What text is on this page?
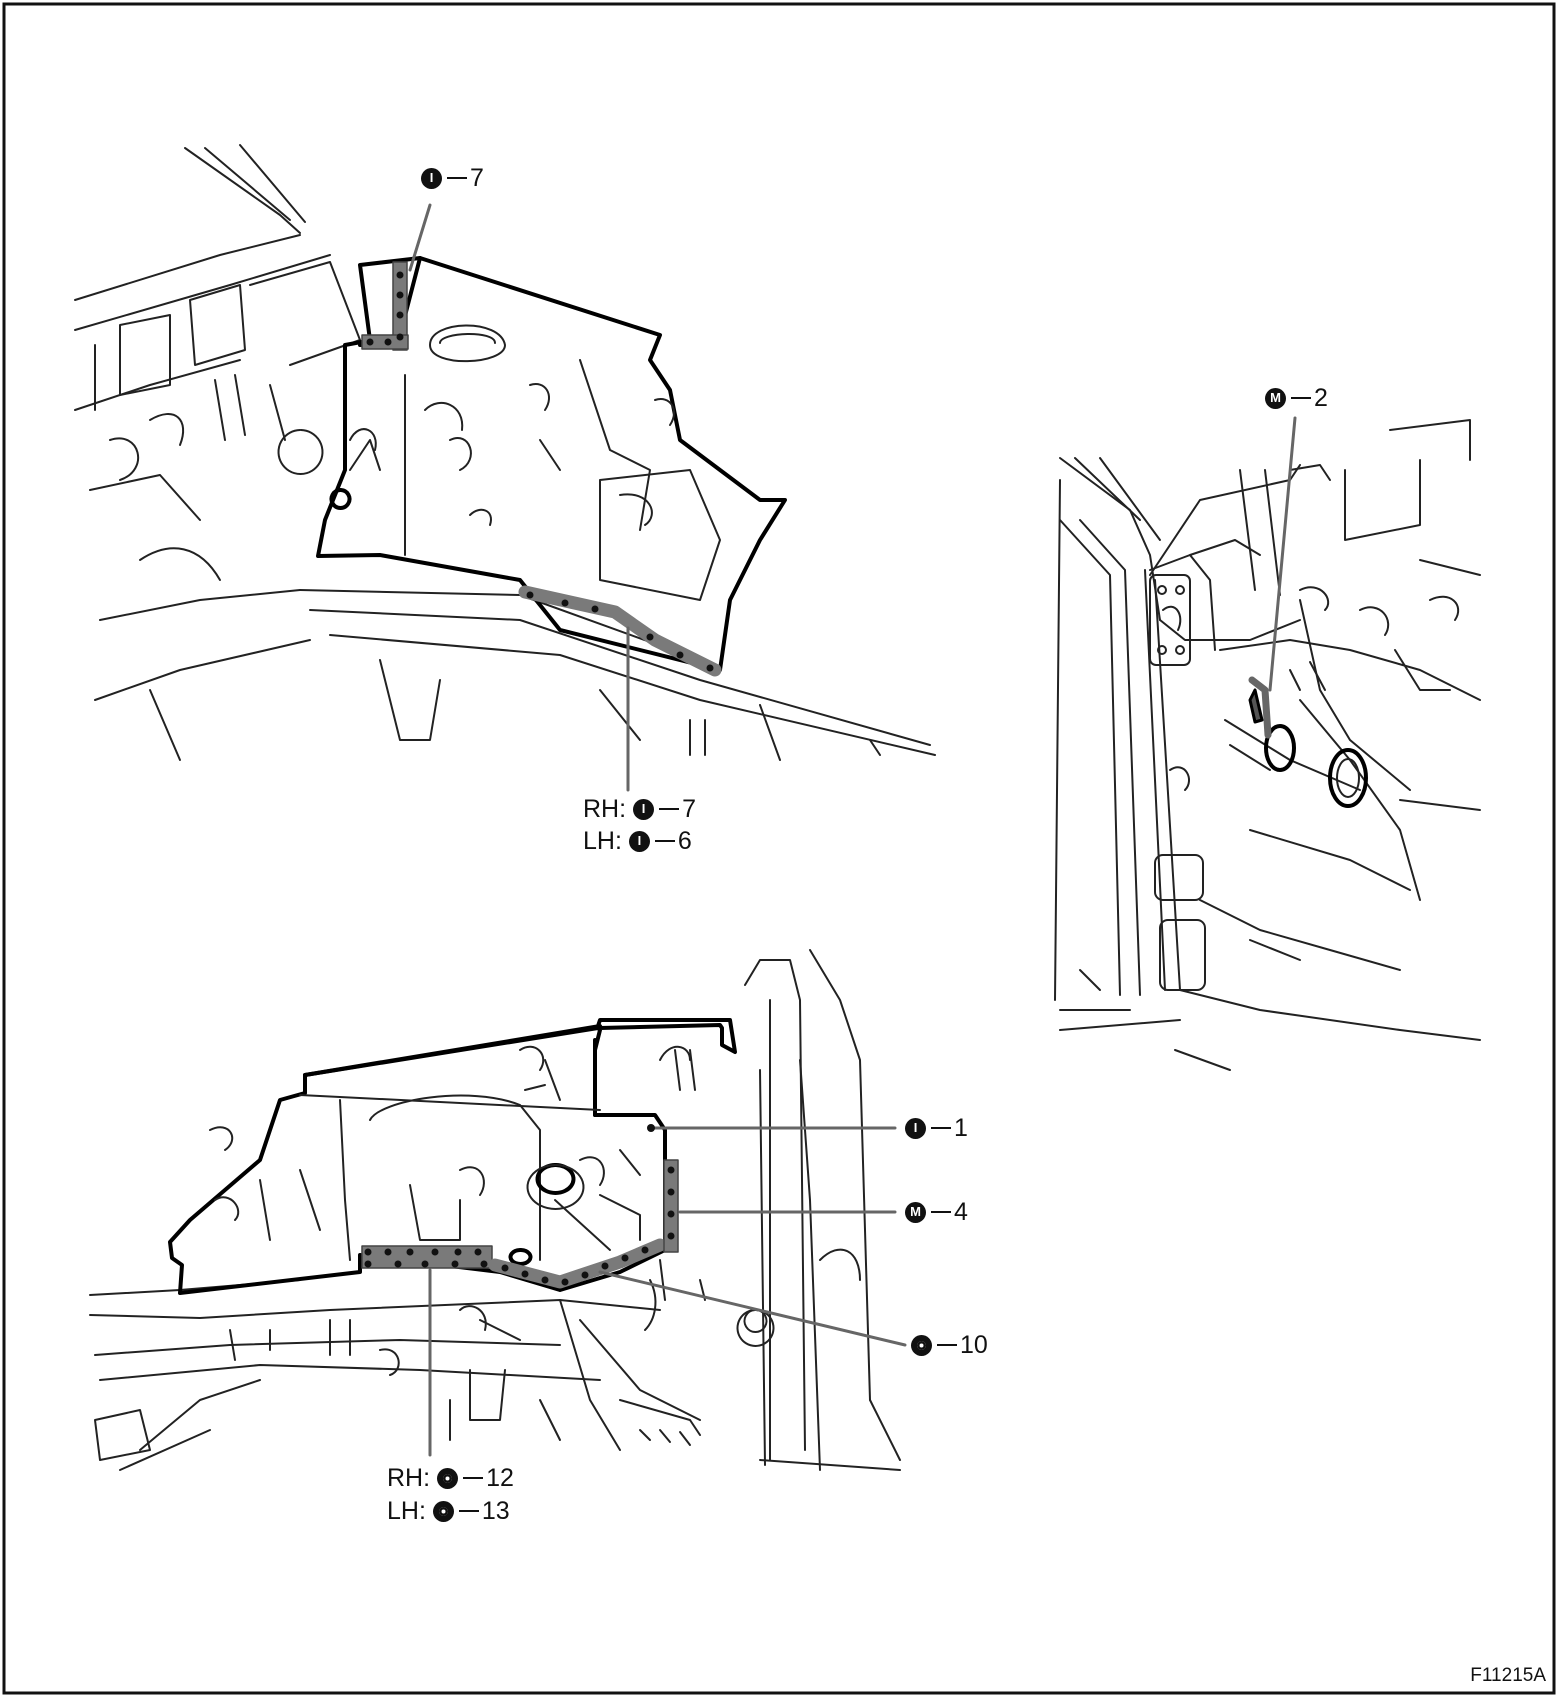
I	7
RH:	I	7
LH:	I	6
M 2
I	1
M 4
10
RH: 12
LH: 13
F11215A
